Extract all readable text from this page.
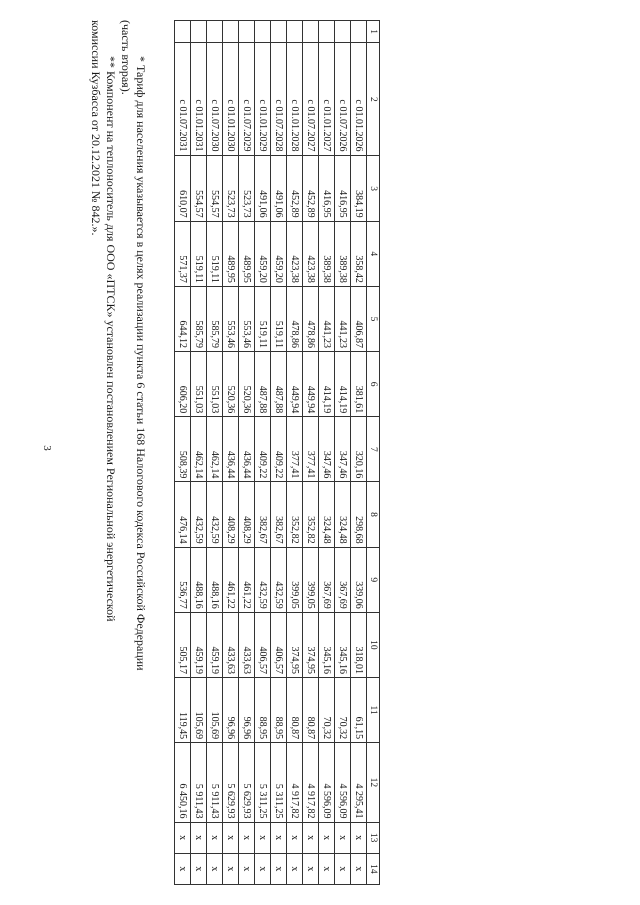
3
1	2	3	4	5	6	7	8	9	10	11	12	13	14
	с 01.01.2026	384,19	358,42	406,87	381,61	320,16	298,68	339,06	318,01	61,15	4 295,41	х	х
	с 01.07.2026	416,95	389,38	441,23	414,19	347,46	324,48	367,69	345,16	70,32	4 596,09	х	х
	с 01.01.2027	416,95	389,38	441,23	414,19	347,46	324,48	367,69	345,16	70,32	4 596,09	х	х
	с 01.07.2027	452,89	423,38	478,86	449,94	377,41	352,82	399,05	374,95	80,87	4 917,82	х	х
	с 01.01.2028	452,89	423,38	478,86	449,94	377,41	352,82	399,05	374,95	80,87	4 917,82	х	х
	с 01.07.2028	491,06	459,20	519,11	487,88	409,22	382,67	432,59	406,57	88,95	5 311,25	х	х
	с 01.01.2029	491,06	459,20	519,11	487,88	409,22	382,67	432,59	406,57	88,95	5 311,25	х	х
	с 01.07.2029	523,73	489,95	553,46	520,36	436,44	408,29	461,22	433,63	96,96	5 629,93	х	х
	с 01.01.2030	523,73	489,95	553,46	520,36	436,44	408,29	461,22	433,63	96,96	5 629,93	х	х
	с 01.07.2030	554,57	519,11	585,79	551,03	462,14	432,59	488,16	459,19	105,69	5 911,43	х	х
	с 01.01.2031	554,57	519,11	585,79	551,03	462,14	432,59	488,16	459,19	105,69	5 911,43	х	х
	с 01.07.2031	610,07	571,37	644,12	606,20	508,39	476,14	536,77	505,17	119,45	6 450,16	х	х
* Тариф для населения указывается в целях реализации пункта 6 статьи 168 Налогового кодекса Российской Федерации
(часть вторая).
** Компонент на теплоноситель для ООО «ПТСК» установлен постановлением Региональной энергетической
комиссии Кузбасса от 20.12.2021 № 842.».
